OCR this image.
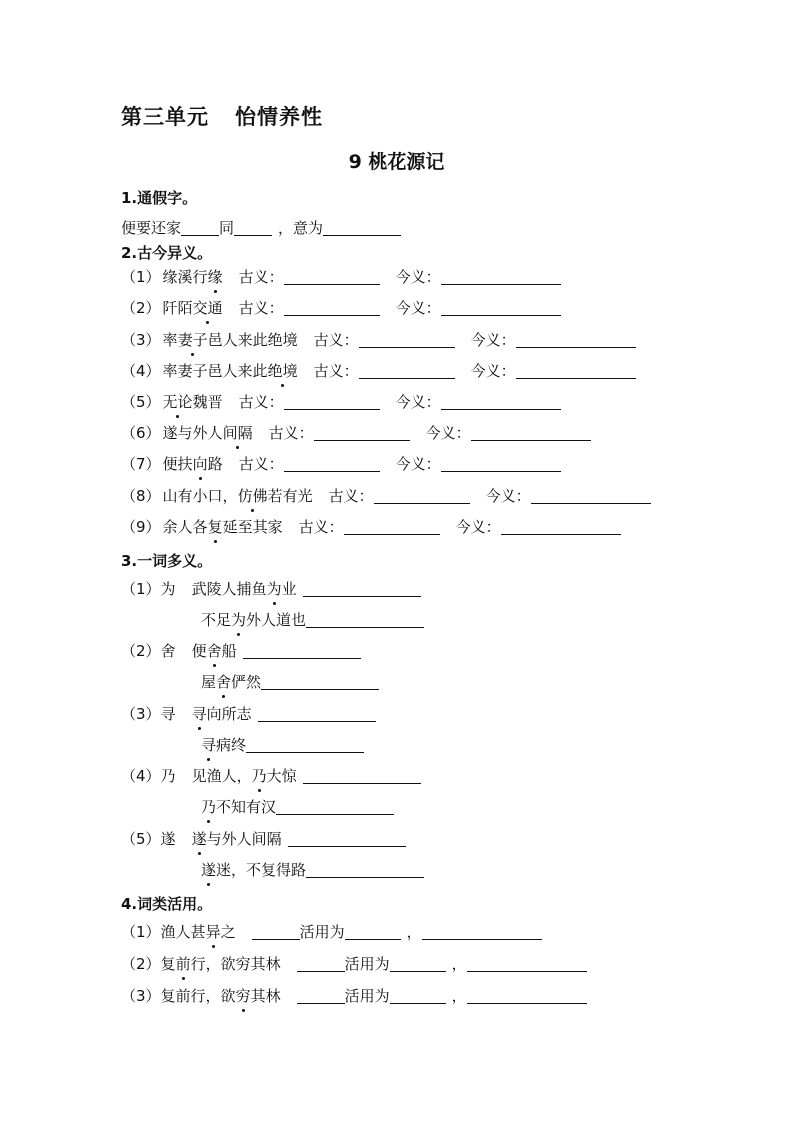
第三单元 怡情养性
9 桃花源记
1.通假字。
便要还家	同	，意为
2.古今异义。
（1） 缘溪行缘 古义：	今义：
（2） 阡陌交通 古义：	今义：
（3） 率妻子邑人来此绝境 古义：	今义：
（4） 率妻子邑人来此绝境 古义：	今义：
（5） 无论魏晋 古义：	今义：
（6） 遂与外人间隔 古义：	今义：
（7） 便扶向路 古义：	今义：
（8） 山有小口，仿佛若有光 古义：	今义：
（9） 余人各复延至其家 古义：	今义：
3.一词多义。
（1）为 武陵人捕鱼为业
不足为外人道也
（2）舍 便舍船
屋舍俨然
（3）寻 寻向所志
寻病终
（4）乃 见渔人，乃大惊
乃不知有汉
（5）遂 遂与外人间隔
遂迷，不复得路
4.词类活用。
（1）渔人甚异之	活用为	，
（2）复前行，欲穷其林	活用为	，
（3）复前行，欲穷其林	活用为	，
